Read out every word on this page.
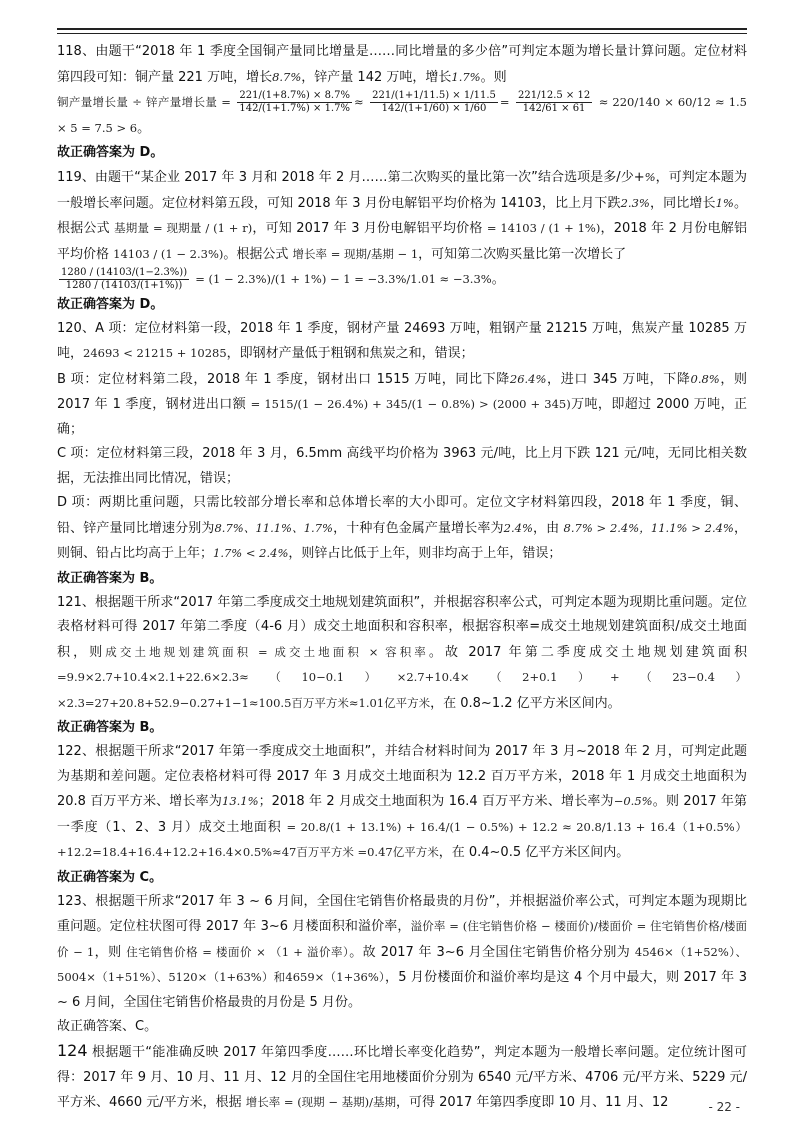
118、由题干“2018 年 1 季度全国铜产量同比增量是……同比增量的多少倍”可判定本题为增长量计算问题。定位材料第四段可知：铜产量 221 万吨，增长8.7%，锌产量 142 万吨，增长1.7%。则
铜产量增长量 ÷ 锌产量增长量 = $\frac{221/(1+8.7\%) \times 8.7\%}{142/(1+1.7\%) \times 1.7\%} \approx \frac{221/(1+1/11.5) \times 1/11.5}{142/(1+1/60) \times 1/60} = \frac{221/12.5 \times 12}{142/61 \times 61} \approx 220/140 \times 60/12 \approx 1.5 \times 5 = 7.5 > 6$。

故正确答案为 D。

119、由题干“某企业 2017 年 3 月和 2018 年 2 月……第二次购买的量比第一次”结合选项是多/少+%，可判定本题为一般增长率问题。定位材料第五段，可知 2018 年 3 月份电解铝平均价格为 14103，比上月下跌2.3%，同比增长1%。根据公式 基期量 = 现期量 / (1 + r)，可知 2017 年 3 月份电解铝平均价格 = 14103 / (1 + 1%)，2018 年 2 月份电解铝平均价格 14103 / (1 − 2.3%)。根据公式 增长率 = 现期/基期 − 1，可知第二次购买量比第一次增长了

$\frac{1280 / (14103/(1-2.3\%))}{1280 / (14103/(1+1\%))} = (1 - 2.3\%)/(1 + 1\%) - 1 = -3.3\%/1.01 \approx -3.3\%$。

故正确答案为 D。

120、A 项：定位材料第一段，2018 年 1 季度，钢材产量 24693 万吨，粗钢产量 21215 万吨，焦炭产量 10285 万吨，24693 < 21215 + 10285，即钢材产量低于粗钢和焦炭之和，错误；

B 项：定位材料第二段，2018 年 1 季度，钢材出口 1515 万吨，同比下降26.4%，进口 345 万吨，下降0.8%，则 2017 年 1 季度，钢材进出口额 = 1515/(1 − 26.4%) + 345/(1 − 0.8%) > (2000 + 345)万吨，即超过 2000 万吨，正确；

C 项：定位材料第三段，2018 年 3 月，6.5mm 高线平均价格为 3963 元/吨，比上月下跌 121 元/吨，无同比相关数据，无法推出同比情况，错误；

D 项：两期比重问题，只需比较部分增长率和总体增长率的大小即可。定位文字材料第四段，2018 年 1 季度，铜、铅、锌产量同比增速分别为8.7%、11.1%、1.7%，十种有色金属产量增长率为2.4%，由 8.7% > 2.4%，11.1% > 2.4%，则铜、铅占比均高于上年；1.7% < 2.4%，则锌占比低于上年，则非均高于上年，错误；

故正确答案为 B。

121、根据题干所求“2017 年第二季度成交土地规划建筑面积”，并根据容积率公式，可判定本题为现期比重问题。定位表格材料可得 2017 年第二季度（4-6 月）成交土地面积和容积率，根据容积率=成交土地规划建筑面积/成交土地面积，则成交土地规划建筑面积 = 成交土地面积 × 容积率。故 2017 年第二季度成交土地规划建筑面积 =9.9×2.7+10.4×2.1+22.6×2.3≈（10−0.1）×2.7+10.4×（2+0.1）+（23−0.4）×2.3=27+20.8+52.9−0.27+1−1≈100.5百万平方米≈1.01亿平方米，在 0.8~1.2 亿平方米区间内。

故正确答案为 B。

122、根据题干所求“2017 年第一季度成交土地面积”，并结合材料时间为 2017 年 3 月~2018 年 2 月，可判定此题为基期和差问题。定位表格材料可得 2017 年 3 月成交土地面积为 12.2 百万平方米，2018 年 1 月成交土地面积为 20.8 百万平方米、增长率为13.1%；2018 年 2 月成交土地面积为 16.4 百万平方米、增长率为−0.5%。则 2017 年第一季度（1、2、3 月）成交土地面积 = 20.8/(1 + 13.1%) + 16.4/(1 − 0.5%) + 12.2 ≈ 20.8/1.13 + 16.4（1+0.5%）+12.2=18.4+16.4+12.2+16.4×0.5%≈47百万平方米 =0.47亿平方米，在 0.4~0.5 亿平方米区间内。

故正确答案为 C。

123、根据题干所求“2017 年 3 ~ 6 月间，全国住宅销售价格最贵的月份”，并根据溢价率公式，可判定本题为现期比重问题。定位柱状图可得 2017 年 3~6 月楼面积和溢价率，溢价率 = (住宅销售价格 − 楼面价)/楼面价 = 住宅销售价格/楼面价 − 1，则 住宅销售价格 = 楼面价 × （1 + 溢价率）。故 2017 年 3~6 月全国住宅销售价格分别为 4546×（1+52%）、5004×（1+51%）、5120×（1+63%）和4659×（1+36%），5 月份楼面价和溢价率均是这 4 个月中最大，则 2017 年 3 ~ 6 月间，全国住宅销售价格最贵的月份是 5 月份。

故正确答案、C。

124 根据题干“能准确反映 2017 年第四季度……环比增长率变化趋势”，判定本题为一般增长率问题。定位统计图可得：2017 年 9 月、10 月、11 月、12 月的全国住宅用地楼面价分别为 6540 元/平方米、4706 元/平方米、5229 元/平方米、4660 元/平方米，根据 增长率 = (现期 − 基期)/基期，可得 2017 年第四季度即 10 月、11 月、12	- 22 -
